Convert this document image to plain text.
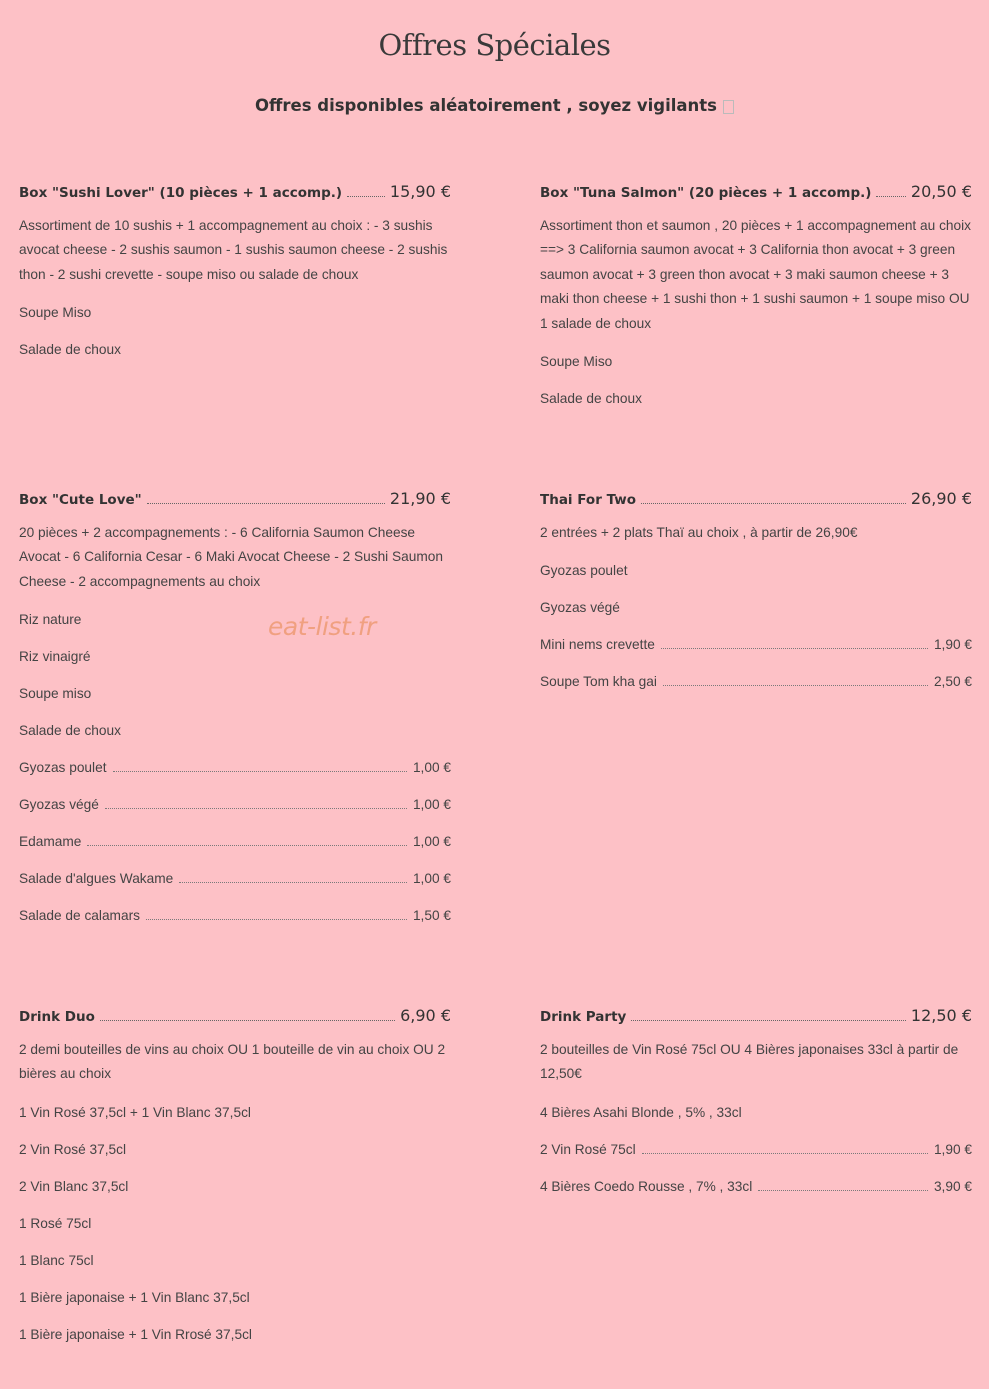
Offres Spéciales
Offres disponibles aléatoirement , soyez vigilants
eat-list.fr
Box "Sushi Lover" (10 pièces + 1 accomp.)	15,90 €
Assortiment de 10 sushis + 1 accompagnement au choix : - 3 sushis avocat cheese - 2 sushis saumon - 1 sushis saumon cheese - 2 sushis thon - 2 sushi crevette - soupe miso ou salade de choux
Soupe Miso
Salade de choux
Box "Tuna Salmon" (20 pièces + 1 accomp.) 20,50 €
Assortiment thon et saumon , 20 pièces + 1 accompagnement au choix ==> 3 California saumon avocat + 3 California thon avocat + 3 green saumon avocat + 3 green thon avocat + 3 maki saumon cheese + 3 maki thon cheese + 1 sushi thon + 1 sushi saumon + 1 soupe miso OU 1 salade de choux
Soupe Miso
Salade de choux
Box "Cute Love"	21,90 €
20 pièces + 2 accompagnements : - 6 California Saumon Cheese Avocat - 6 California Cesar - 6 Maki Avocat Cheese - 2 Sushi Saumon Cheese - 2 accompagnements au choix
Riz nature
Riz vinaigré
Soupe miso
Salade de choux
Gyozas poulet	1,00 €
Gyozas végé	1,00 €
Edamame	1,00 €
Salade d'algues Wakame	1,00 €
Salade de calamars	1,50 €
Thai For Two	26,90 €
2 entrées + 2 plats Thaï au choix , à partir de 26,90€
Gyozas poulet
Gyozas végé
Mini nems crevette	1,90 €
Soupe Tom kha gai	2,50 €
Drink Duo	6,90 €
2 demi bouteilles de vins au choix OU 1 bouteille de vin au choix OU 2 bières au choix
1 Vin Rosé 37,5cl + 1 Vin Blanc 37,5cl
2 Vin Rosé 37,5cl
2 Vin Blanc 37,5cl
1 Rosé 75cl
1 Blanc 75cl
1 Bière japonaise + 1 Vin Blanc 37,5cl
1 Bière japonaise + 1 Vin Rrosé 37,5cl
Drink Party	12,50 €
2 bouteilles de Vin Rosé 75cl OU 4 Bières japonaises 33cl à partir de 12,50€
4 Bières Asahi Blonde , 5% , 33cl
2 Vin Rosé 75cl	1,90 €
4 Bières Coedo Rousse , 7% , 33cl	3,90 €
